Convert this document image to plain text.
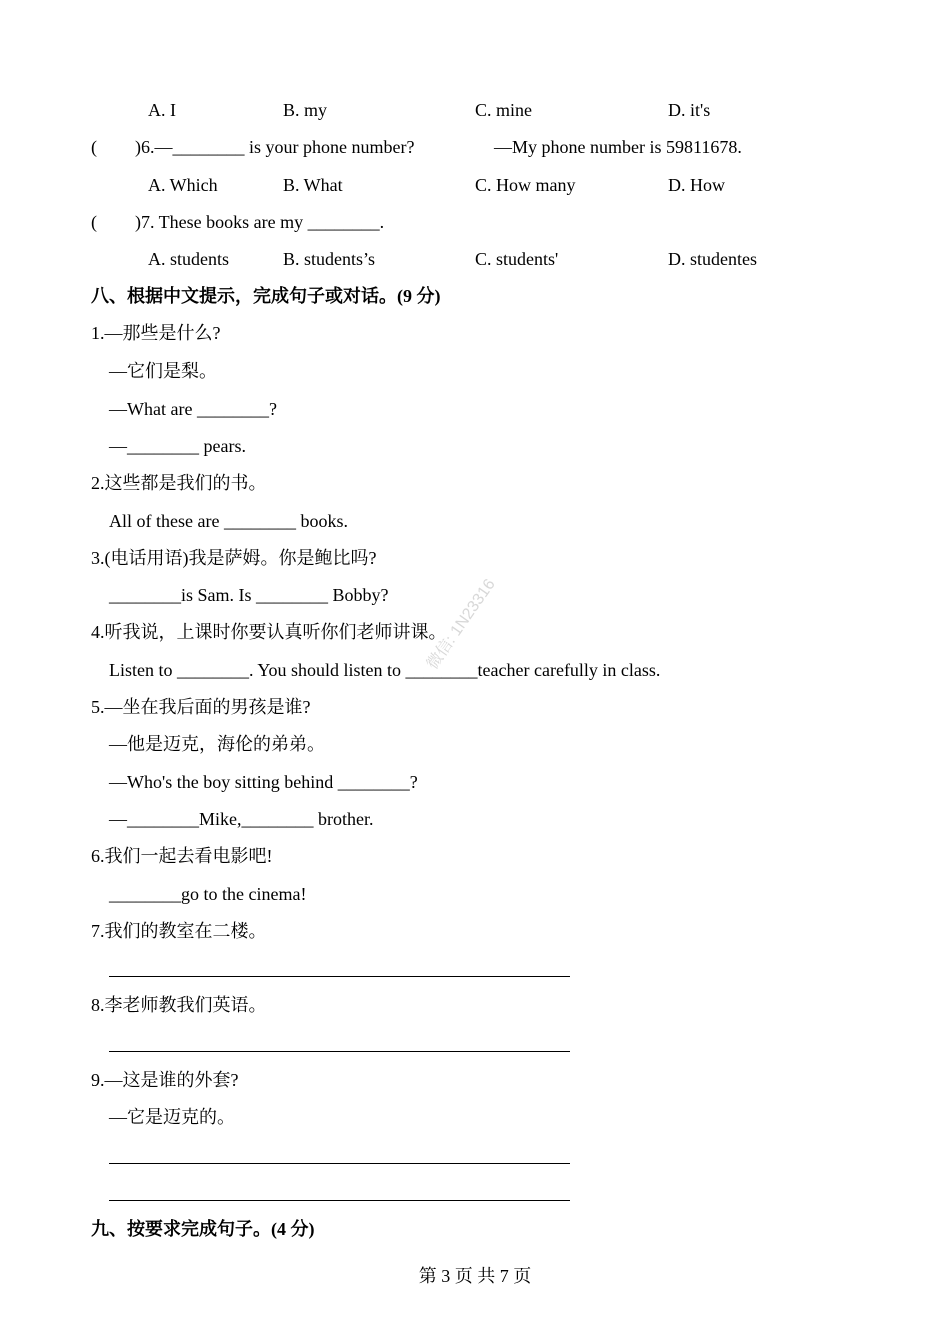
A. I	B. my	C. mine	D. it's
( )6.—________ is your phone number?	—My phone number is 59811678.
A. Which	B. What	C. How many	D. How
( )7. These books are my ________.
A. students	B. students’s	C. students'	D. studentes
八、根据中文提示，完成句子或对话。(9 分)
1.—那些是什么?
—它们是梨。
—What are ________?
—________ pears.
2.这些都是我们的书。
All of these are ________ books.
3.(电话用语)我是萨姆。你是鲍比吗?
________is Sam. Is ________ Bobby?
4.听我说，上课时你要认真听你们老师讲课。
Listen to ________. You should listen to ________teacher carefully in class.
5.—坐在我后面的男孩是谁?
—他是迈克，海伦的弟弟。
—Who's the boy sitting behind ________?
—________Mike,________ brother.
6.我们一起去看电影吧!
________go to the cinema!
7.我们的教室在二楼。
8.李老师教我们英语。
9.—这是谁的外套?
—它是迈克的。
九、按要求完成句子。(4 分)
微信: 1N23316
第 3 页 共 7 页
